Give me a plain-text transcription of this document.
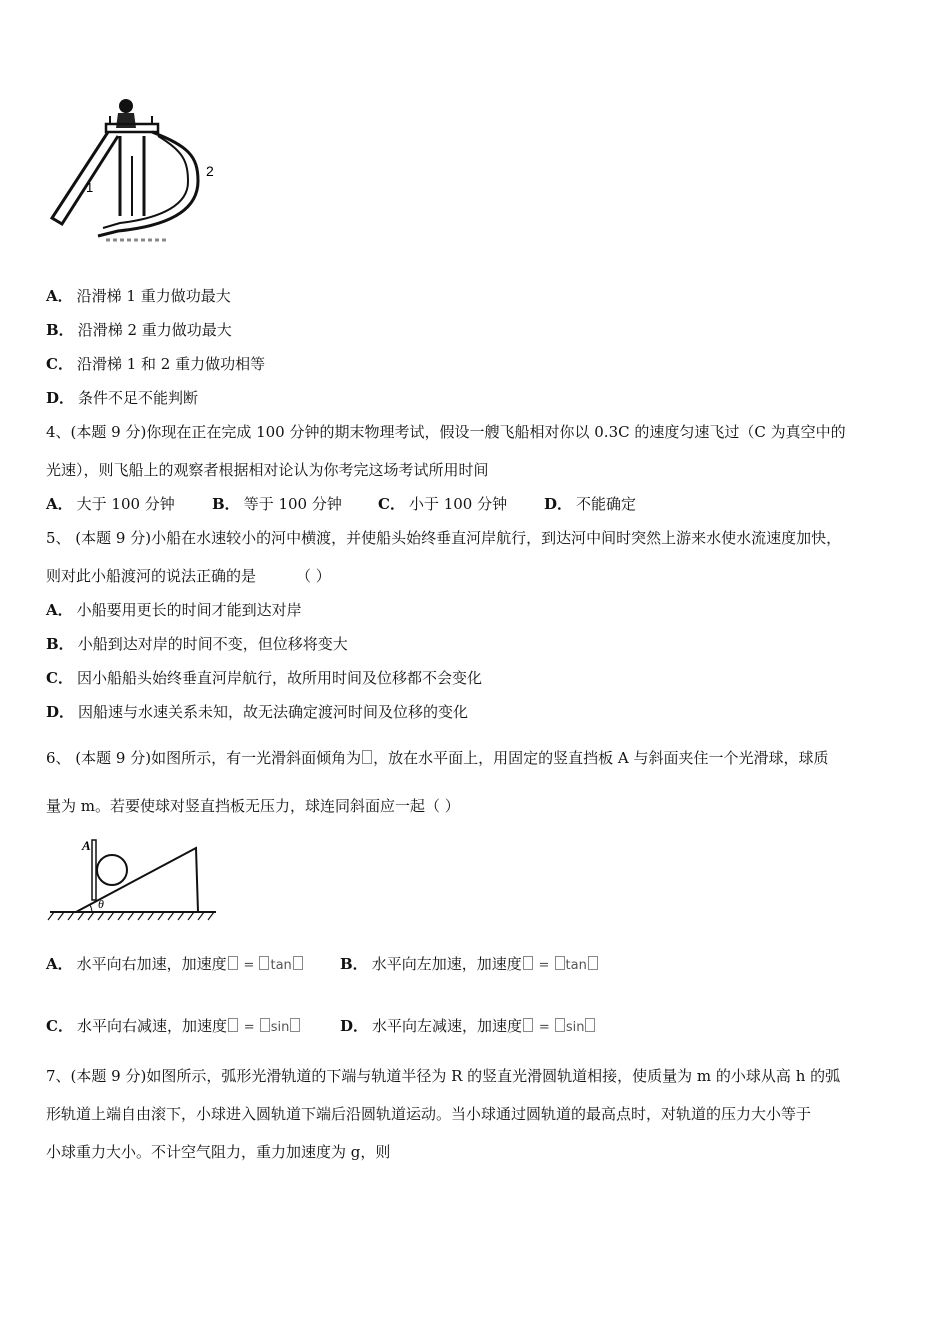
1
2
A． 沿滑梯 1 重力做功最大
B． 沿滑梯 2 重力做功最大
C． 沿滑梯 1 和 2 重力做功相等
D． 条件不足不能判断
4、(本题 9 分)你现在正在完成 100 分钟的期末物理考试，假设一艘飞船相对你以 0.3C 的速度匀速飞过（C 为真空中的
光速），则飞船上的观察者根据相对论认为你考完这场考试所用时间
A． 大于 100 分钟 B． 等于 100 分钟 C． 小于 100 分钟 D． 不能确定
5、 (本题 9 分)小船在水速较小的河中横渡，并使船头始终垂直河岸航行，到达河中间时突然上游来水使水流速度加快，
则对此小船渡河的说法正确的是	（ ）
A． 小船要用更长的时间才能到达对岸
B． 小船到达对岸的时间不变，但位移将变大
C． 因小船船头始终垂直河岸航行，故所用时间及位移都不会变化
D． 因船速与水速关系未知，故无法确定渡河时间及位移的变化
6、 (本题 9 分)如图所示，有一光滑斜面倾角为 ，放在水平面上，用固定的竖直挡板 A 与斜面夹住一个光滑球，球质
量为 m。若要使球对竖直挡板无压力，球连同斜面应一起（ ）
A
θ
A． 水平向右加速，加速度 = tan	B． 水平向左加速，加速度 = tan
C． 水平向右减速，加速度 = sin	D． 水平向左减速，加速度 = sin
7、(本题 9 分)如图所示，弧形光滑轨道的下端与轨道半径为 R 的竖直光滑圆轨道相接，使质量为 m 的小球从高 h 的弧
形轨道上端自由滚下，小球进入圆轨道下端后沿圆轨道运动。当小球通过圆轨道的最高点时，对轨道的压力大小等于
小球重力大小。不计空气阻力，重力加速度为 g，则
